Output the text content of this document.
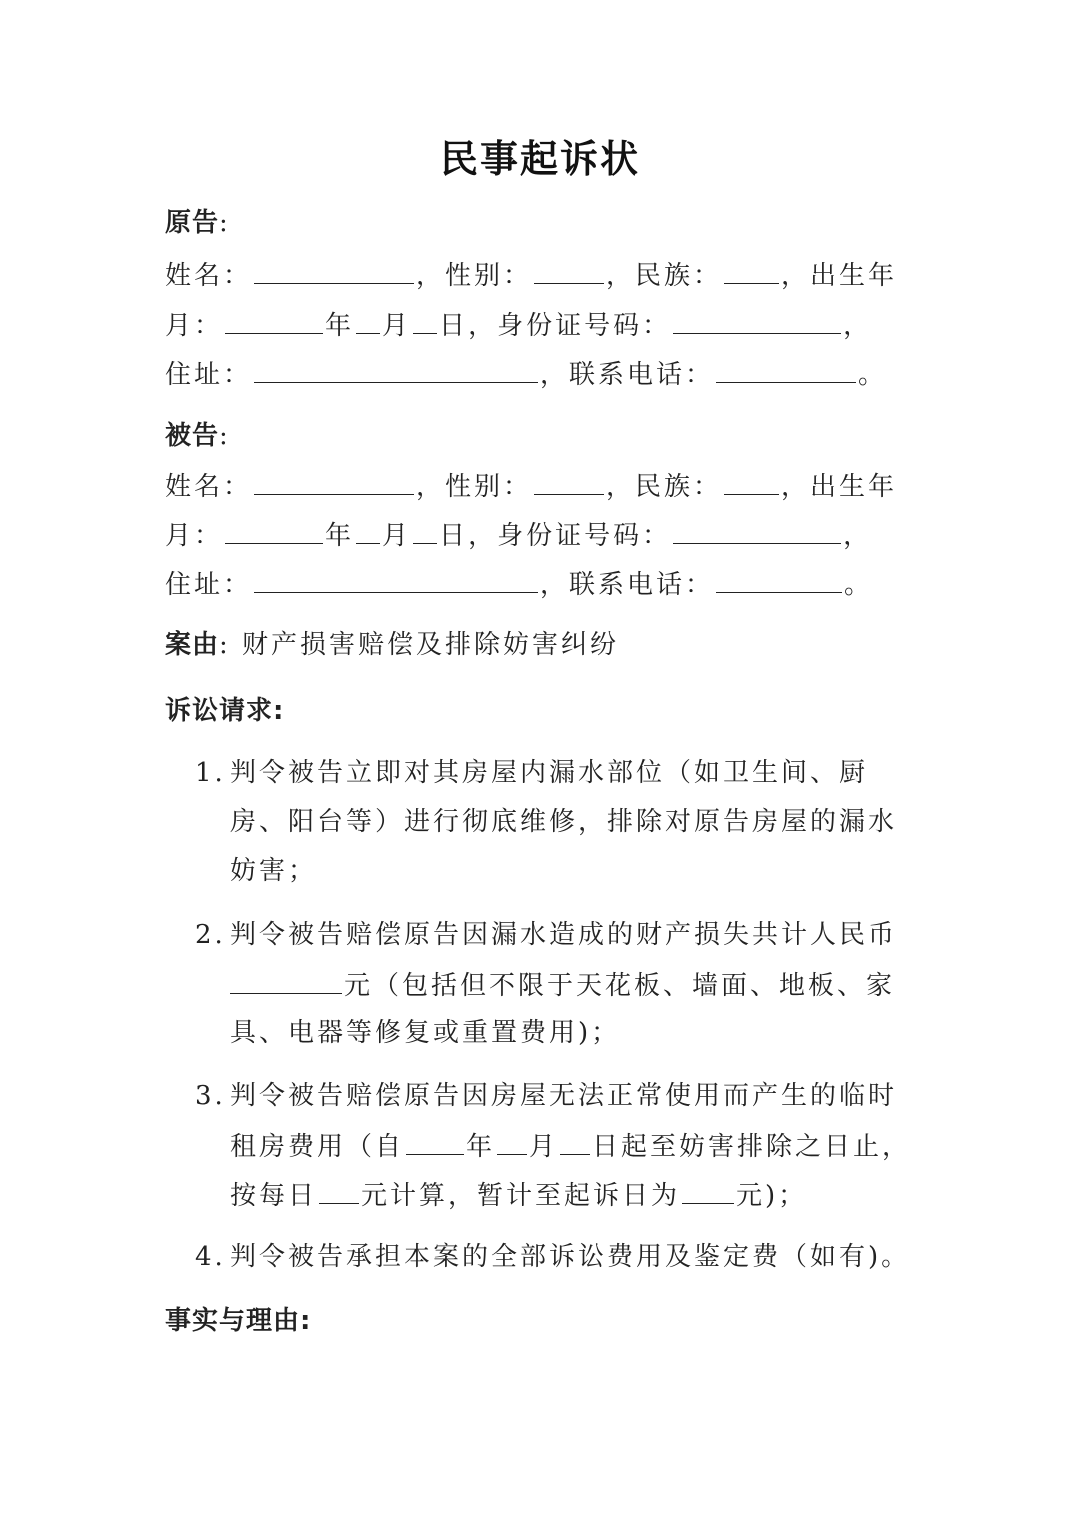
民事起诉状
原告:
姓名：	，性别：	，民族： ，出生年
月：	年 月 日，身份证号码：	，
住址：	，联系电话：	。
被告:
姓名：	，性别：	，民族： ，出生年
月：	年 月 日，身份证号码：	，
住址：	，联系电话：	。
案由: 财产损害赔偿及排除妨害纠纷
诉讼请求:
1. 判令被告立即对其房屋内漏水部位（如卫生间、厨
房、阳台等）进行彻底维修，排除对原告房屋的漏水
妨害；
2. 判令被告赔偿原告因漏水造成的财产损失共计人民币
元（包括但不限于天花板、墙面、地板、家
具、电器等修复或重置费用)；
3. 判令被告赔偿原告因房屋无法正常使用而产生的临时
租房费用（自 年 月 日起至妨害排除之日止，
按每日 元计算，暂计至起诉日为 元)；
4. 判令被告承担本案的全部诉讼费用及鉴定费（如有)。
事实与理由:
